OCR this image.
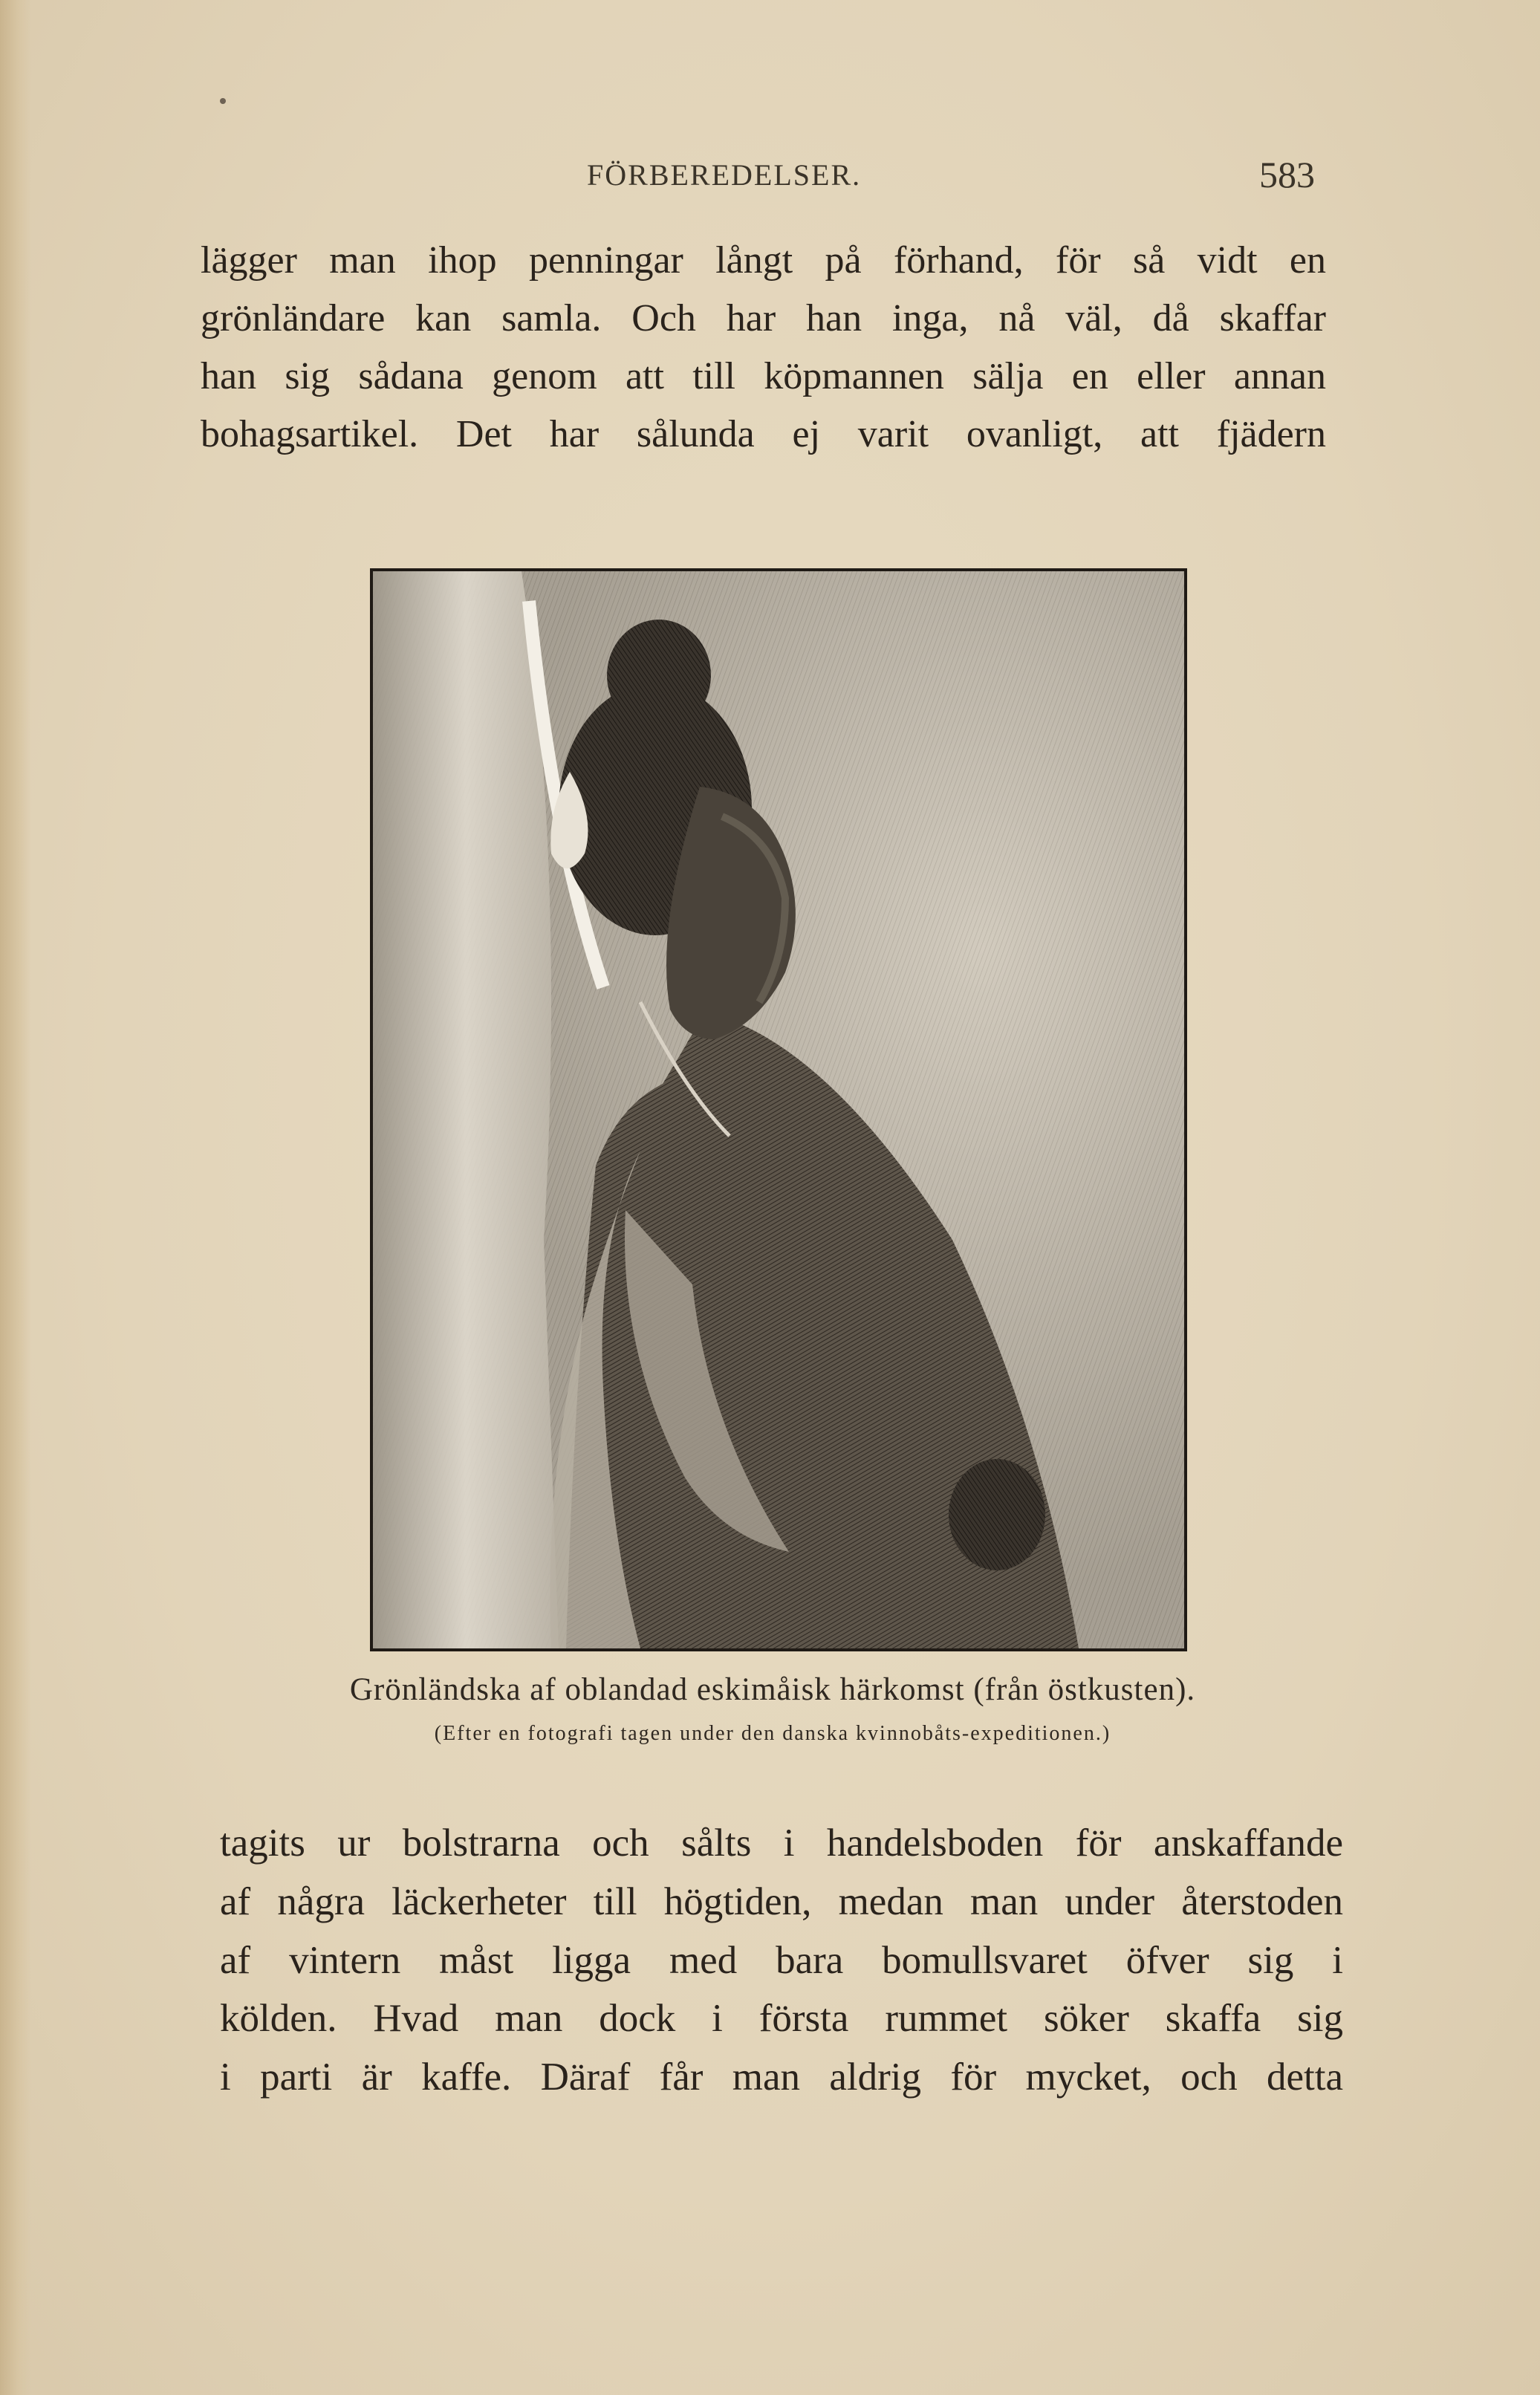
FÖRBEREDELSER.	583
lägger man ihop penningar långt på förhand, för så vidt en
grönländare kan samla. Och har han inga, nå väl, då skaffar
han sig sådana genom att till köpmannen sälja en eller annan
bohagsartikel. Det har sålunda ej varit ovanligt, att fjädern
Grönländska af oblandad eskimåisk härkomst (från östkusten).
(Efter en fotografi tagen under den danska kvinnobåts-expeditionen.)
tagits ur bolstrarna och sålts i handelsboden för anskaffande
af några läckerheter till högtiden, medan man under återstoden
af vintern måst ligga med bara bomullsvaret öfver sig i
kölden. Hvad man dock i första rummet söker skaffa sig
i parti är kaffe. Däraf får man aldrig för mycket, och detta
